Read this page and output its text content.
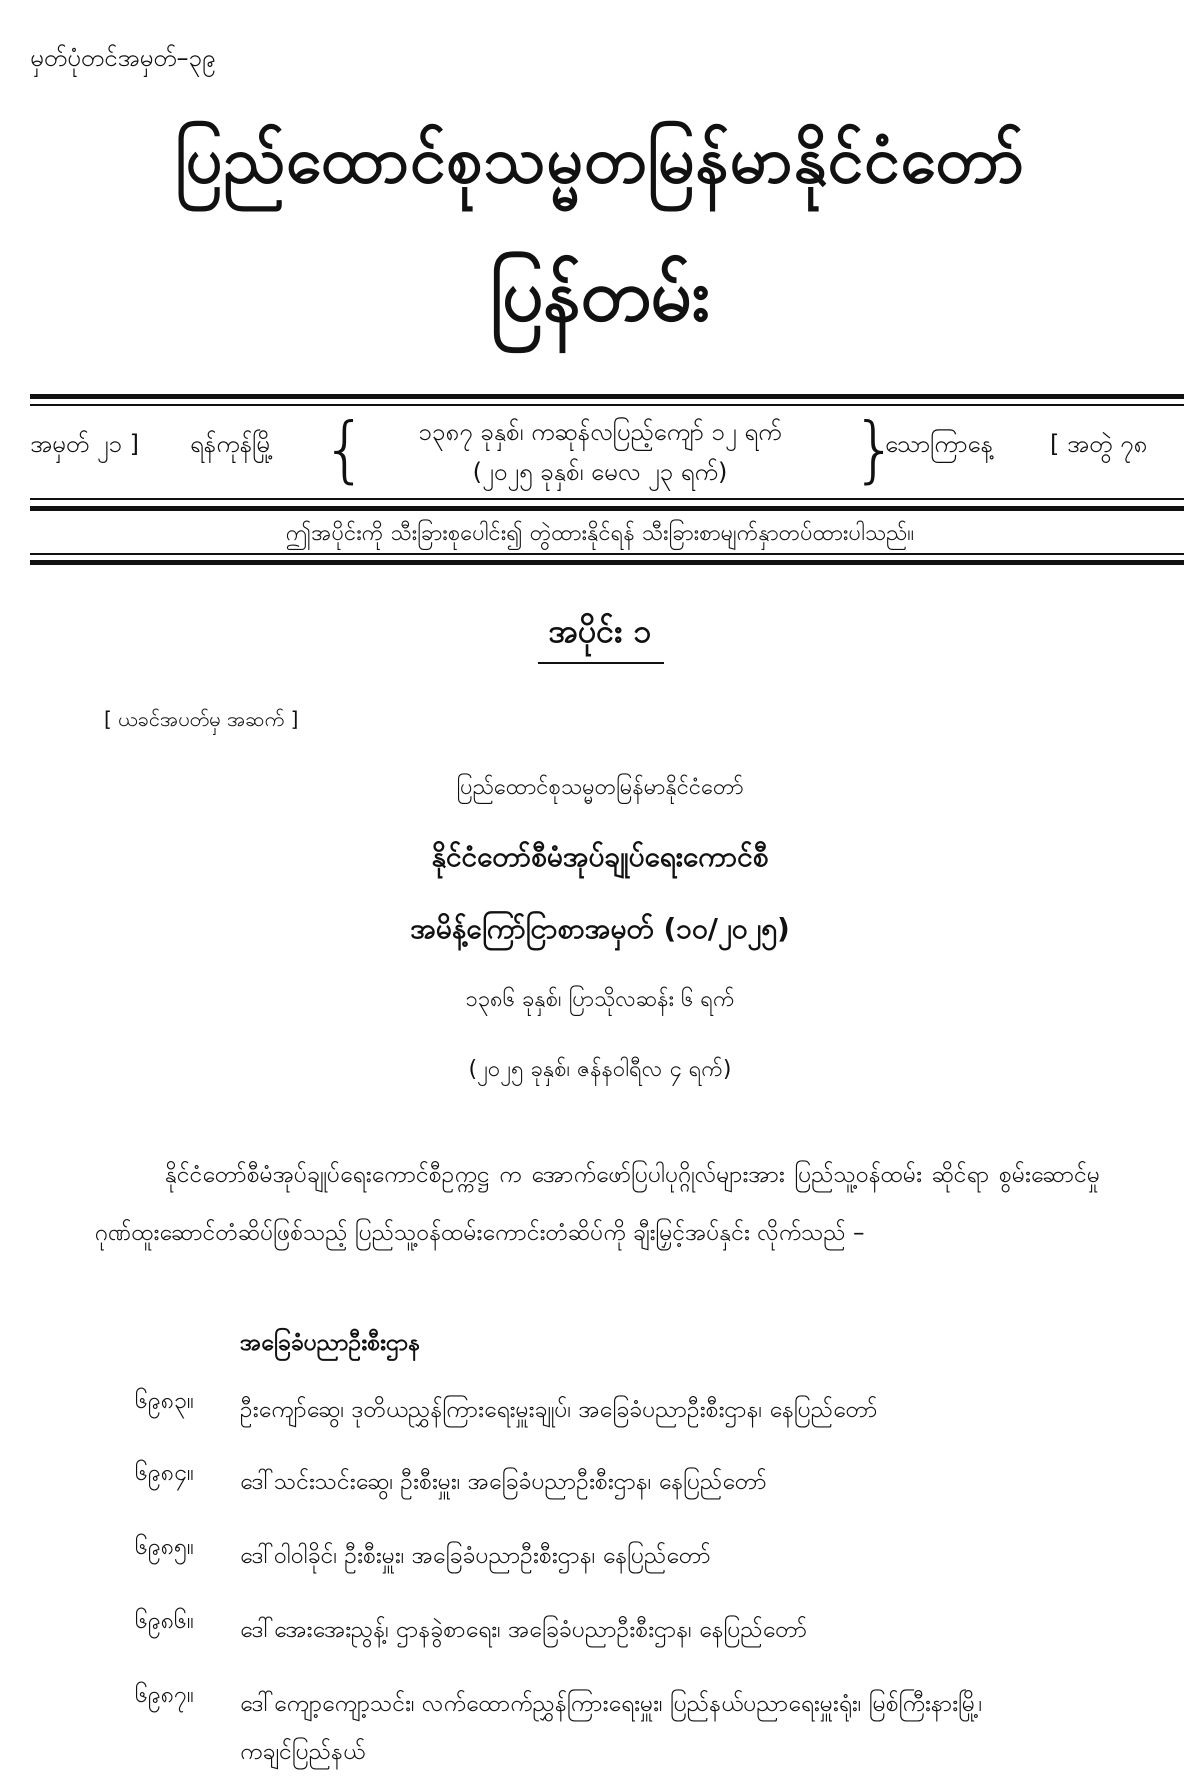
မှတ်ပုံတင်အမှတ်–၃၉
ပြည်ထောင်စုသမ္မတမြန်မာနိုင်ငံတော်
ပြန်တမ်း
အမှတ် ၂၁ ] ရန်ကုန်မြို့ {	၁၃၈၇ ခုနှစ်၊ ကဆုန်လပြည့်ကျော် ၁၂ ရက်
(၂၀၂၅ ခုနှစ်၊ မေလ ၂၃ ရက်)	}
သောကြာနေ့ [ အတွဲ ၇၈
ဤအပိုင်းကို သီးခြားစုပေါင်း၍ တွဲထားနိုင်ရန် သီးခြားစာမျက်နှာတပ်ထားပါသည်။
အပိုင်း ၁
[ ယခင်အပတ်မှ အဆက် ]
ပြည်ထောင်စုသမ္မတမြန်မာနိုင်ငံတော်
နိုင်ငံတော်စီမံအုပ်ချုပ်ရေးကောင်စီ
အမိန့်ကြော်ငြာစာအမှတ် (၁၀/၂၀၂၅)
၁၃၈၆ ခုနှစ်၊ ပြာသိုလဆန်း ၆ ရက်
(၂၀၂၅ ခုနှစ်၊ ဇန်နဝါရီလ ၄ ရက်)
နိုင်ငံတော်စီမံအုပ်ချုပ်ရေးကောင်စီဥက္ကဋ္ဌ က အောက်ဖော်ပြပါပုဂ္ဂိုလ်များအား ပြည်သူ့ဝန်ထမ်း ဆိုင်ရာ စွမ်းဆောင်မှုဂုဏ်ထူးဆောင်တံဆိပ်ဖြစ်သည့် ပြည်သူ့ဝန်ထမ်းကောင်းတံဆိပ်ကို ချီးမြှင့်အပ်နှင်း လိုက်သည် –
အခြေခံပညာဦးစီးဌာန
၆၉၈၃။ ဦးကျော်ဆွေ၊ ဒုတိယညွှန်ကြားရေးမှူးချုပ်၊ အခြေခံပညာဦးစီးဌာန၊ နေပြည်တော်
၆၉၈၄။ ဒေါ်သင်းသင်းဆွေ၊ ဦးစီးမှူး၊ အခြေခံပညာဦးစီးဌာန၊ နေပြည်တော်
၆၉၈၅။ ဒေါ်ဝါဝါခိုင်၊ ဦးစီးမှူး၊ အခြေခံပညာဦးစီးဌာန၊ နေပြည်တော်
၆၉၈၆။ ဒေါ်အေးအေးညွန့်၊ ဌာနခွဲစာရေး၊ အခြေခံပညာဦးစီးဌာန၊ နေပြည်တော်
၆၉၈၇။ ဒေါ်ကျော့ကျော့သင်း၊ လက်ထောက်ညွှန်ကြားရေးမှူး၊ ပြည်နယ်ပညာရေးမှူးရုံး၊ မြစ်ကြီးနားမြို့၊ ကချင်ပြည်နယ်
